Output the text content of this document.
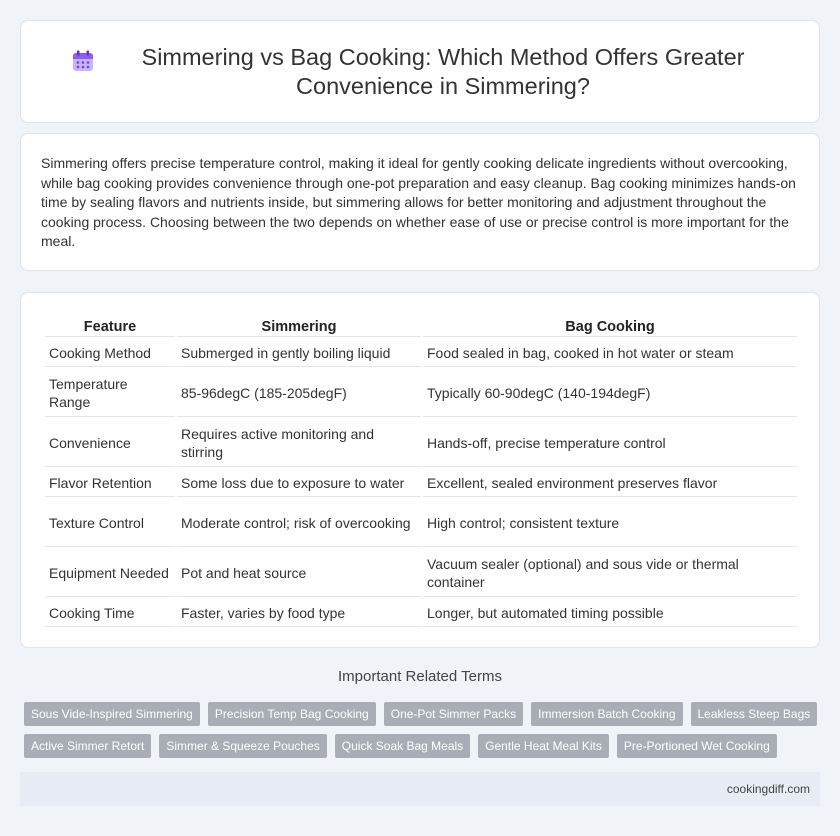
Simmering vs Bag Cooking: Which Method Offers Greater Convenience in Simmering?

Simmering offers precise temperature control, making it ideal for gently cooking delicate ingredients without overcooking, while bag cooking provides convenience through one-pot preparation and easy cleanup. Bag cooking minimizes hands-on time by sealing flavors and nutrients inside, but simmering allows for better monitoring and adjustment throughout the cooking process. Choosing between the two depends on whether ease of use or precise control is more important for the meal.

Feature	Simmering	Bag Cooking
Cooking Method	Submerged in gently boiling liquid	Food sealed in bag, cooked in hot water or steam
Temperature Range	85-96degC (185-205degF)	Typically 60-90degC (140-194degF)
Convenience	Requires active monitoring and stirring	Hands-off, precise temperature control
Flavor Retention	Some loss due to exposure to water	Excellent, sealed environment preserves flavor
Texture Control	Moderate control; risk of overcooking	High control; consistent texture
Equipment Needed	Pot and heat source	Vacuum sealer (optional) and sous vide or thermal container
Cooking Time	Faster, varies by food type	Longer, but automated timing possible
Important Related Terms
Sous Vide-Inspired Simmering	Precision Temp Bag Cooking	One-Pot Simmer Packs	Immersion Batch Cooking	Leakless Steep Bags
Active Simmer Retort	Simmer & Squeeze Pouches	Quick Soak Bag Meals	Gentle Heat Meal Kits	Pre-Portioned Wet Cooking
cookingdiff.com
